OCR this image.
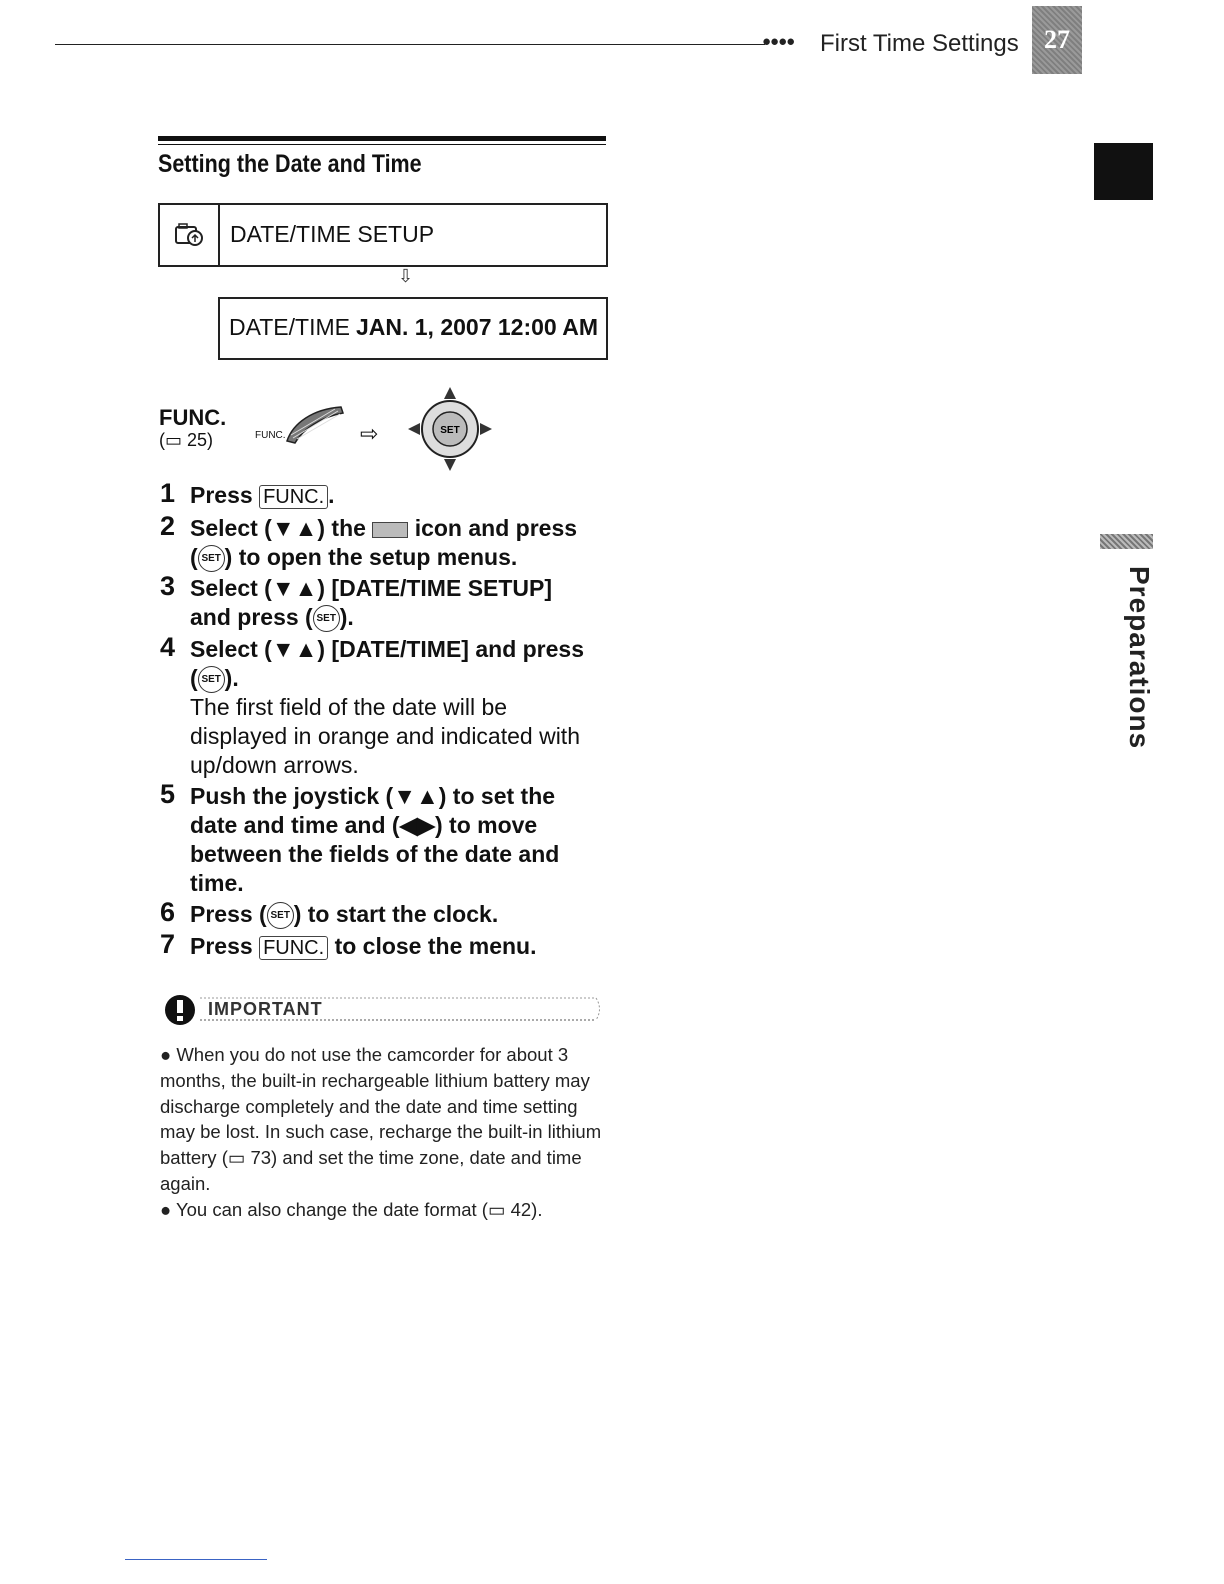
●●●● First Time Settings 27
Preparations
Setting the Date and Time
DATE/TIME SETUP
⇩
DATE/TIME JAN. 1, 2007 12:00 AM
FUNC.
(▭ 25)	FUNC.	⇨	SET
1 Press FUNC. .
2 Select (▼▲) the icon and press
( SET ) to open the setup menus.
3 Select (▼▲) [DATE/TIME SETUP]
and press ( SET ).
4 Select (▼▲) [DATE/TIME] and press
( SET ).

The first field of the date will be displayed in orange and indicated with up/down arrows.
5 Push the joystick (▼▲) to set the date and time and (◀▶) to move between the fields of the date and time.
6 Press ( SET ) to start the clock.
7 Press FUNC. to close the menu.
IMPORTANT

● When you do not use the camcorder for about 3 months, the built-in rechargeable lithium battery may discharge completely and the date and time setting may be lost. In such case, recharge the built-in lithium battery (▭ 73) and set the time zone, date and time again.

● You can also change the date format (▭ 42).
